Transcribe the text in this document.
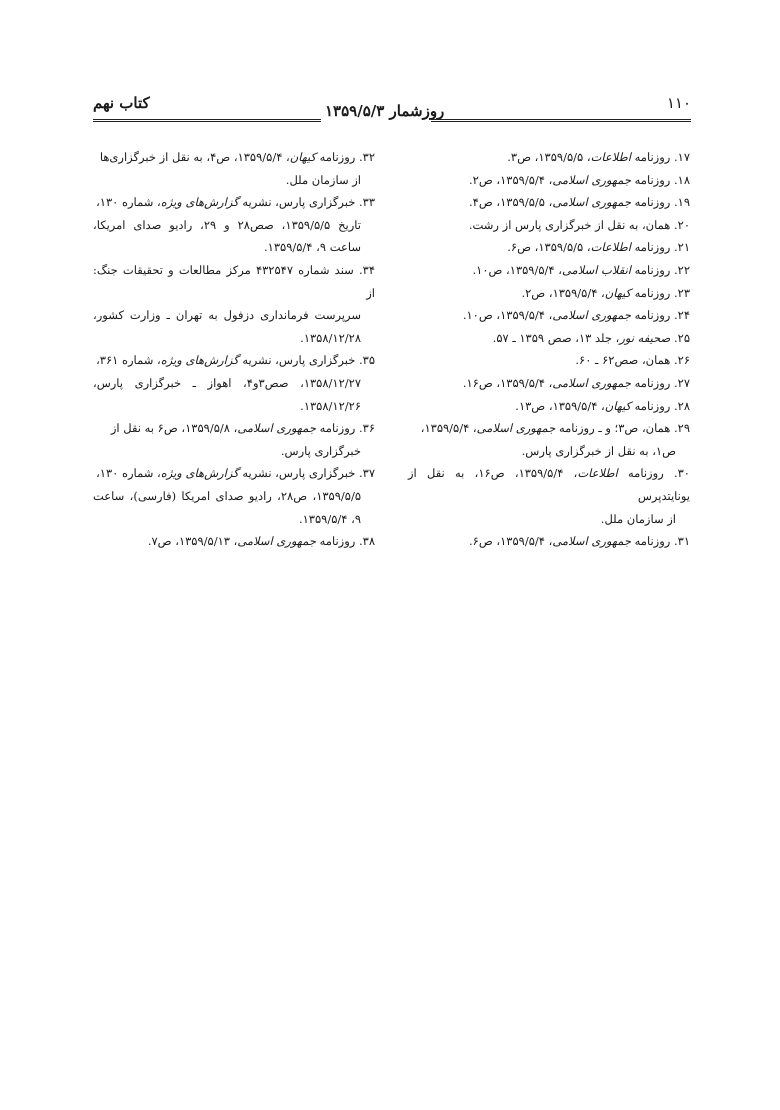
کتاب نهم	روزشمار ۱۳۵۹/۵/۳	۱۱۰

۱۷. روزنامه اطلاعات، ۱۳۵۹/۵/۵، ص۳.

۱۸. روزنامه جمهوری اسلامی، ۱۳۵۹/۵/۴، ص۲.

۱۹. روزنامه جمهوری اسلامی، ۱۳۵۹/۵/۵، ص۴.

۲۰. همان، به نقل از خبرگزاری پارس از رشت.

۲۱. روزنامه اطلاعات، ۱۳۵۹/۵/۵، ص۶.

۲۲. روزنامه انقلاب اسلامی، ۱۳۵۹/۵/۴، ص۱۰.

۲۳. روزنامه کیهان، ۱۳۵۹/۵/۴، ص۲.

۲۴. روزنامه جمهوری اسلامی، ۱۳۵۹/۵/۴، ص۱۰.

۲۵. صحیفه نور، جلد ۱۳، صص ۱۳۵۹ ـ ۵۷.

۲۶. همان، صص۶۲ ـ ۶۰.

۲۷. روزنامه جمهوری اسلامی، ۱۳۵۹/۵/۴، ص۱۶.

۲۸. روزنامه کیهان، ۱۳۵۹/۵/۴، ص۱۳.

۲۹. همان، ص۳؛ و ـ روزنامه جمهوری اسلامی، ۱۳۵۹/۵/۴،
ص۱، به نقل از خبرگزاری پارس.

۳۰. روزنامه اطلاعات، ۱۳۵۹/۵/۴، ص۱۶، به نقل از یونایتدپرس
از سازمان ملل.

۳۱. روزنامه جمهوری اسلامی، ۱۳۵۹/۵/۴، ص۶.

۳۲. روزنامه کیهان، ۱۳۵۹/۵/۴، ص۴، به نقل از خبرگزاری‌ها
از سازمان ملل.

۳۳. خبرگزاری پارس، نشریه گزارش‌های ویژه، شماره ۱۳۰،
تاریخ ۱۳۵۹/۵/۵، صص۲۸ و ۲۹، رادیو صدای امریکا، ساعت ۹، ۱۳۵۹/۵/۴.

۳۴. سند شماره ۴۳۲۵۴۷ مرکز مطالعات و تحقیقات جنگ: از
سرپرست فرمانداری دزفول به تهران ـ وزارت کشور، ۱۳۵۸/۱۲/۲۸.

۳۵. خبرگزاری پارس، نشریه گزارش‌های ویژه، شماره ۳۶۱،
۱۳۵۸/۱۲/۲۷، صص۳و۴، اهواز ـ خبرگزاری پارس، ۱۳۵۸/۱۲/۲۶.

۳۶. روزنامه جمهوری اسلامی، ۱۳۵۹/۵/۸، ص۶ به نقل از
خبرگزاری پارس.

۳۷. خبرگزاری پارس، نشریه گزارش‌های ویژه، شماره ۱۳۰،
۱۳۵۹/۵/۵، ص۲۸، رادیو صدای امریکا (فارسی)، ساعت ۹، ۱۳۵۹/۵/۴.

۳۸. روزنامه جمهوری اسلامی، ۱۳۵۹/۵/۱۳، ص۷.
